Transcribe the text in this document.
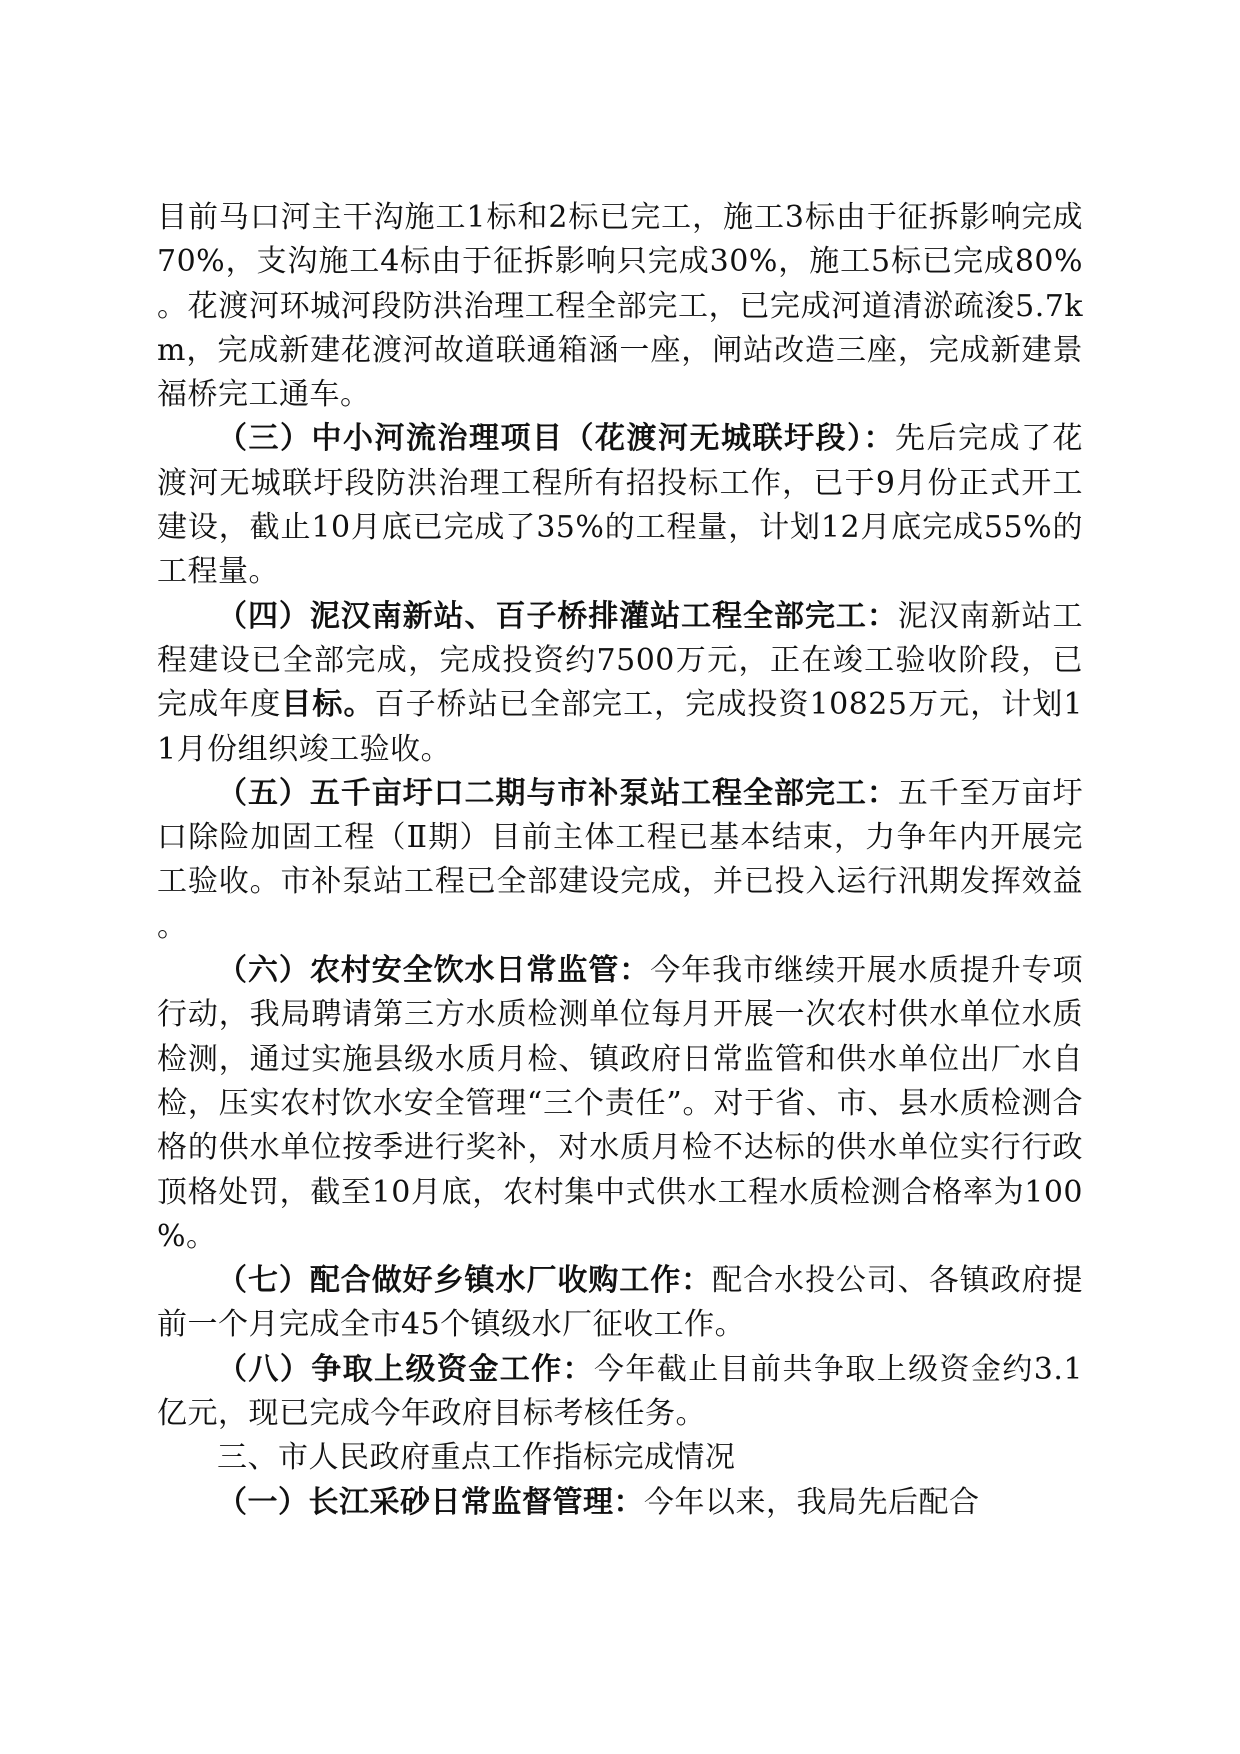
目前马口河主干沟施工1标和2标已完工，施工3标由于征拆影响完成70%，支沟施工4标由于征拆影响只完成30%，施工5标已完成80%。花渡河环城河段防洪治理工程全部完工，已完成河道清淤疏浚5.7km，完成新建花渡河故道联通箱涵一座，闸站改造三座，完成新建景福桥完工通车。

（三）中小河流治理项目（花渡河无城联圩段）：先后完成了花渡河无城联圩段防洪治理工程所有招投标工作，已于9月份正式开工建设，截止10月底已完成了35%的工程量，计划12月底完成55%的工程量。

（四）泥汉南新站、百子桥排灌站工程全部完工：泥汉南新站工程建设已全部完成，完成投资约7500万元，正在竣工验收阶段，已完成年度目标。百子桥站已全部完工，完成投资10825万元，计划11月份组织竣工验收。

（五）五千亩圩口二期与市补泵站工程全部完工：五千至万亩圩口除险加固工程（Ⅱ期）目前主体工程已基本结束，力争年内开展完工验收。市补泵站工程已全部建设完成，并已投入运行汛期发挥效益。

（六）农村安全饮水日常监管：今年我市继续开展水质提升专项行动，我局聘请第三方水质检测单位每月开展一次农村供水单位水质检测，通过实施县级水质月检、镇政府日常监管和供水单位出厂水自检，压实农村饮水安全管理“三个责任”。对于省、市、县水质检测合格的供水单位按季进行奖补，对水质月检不达标的供水单位实行行政顶格处罚，截至10月底，农村集中式供水工程水质检测合格率为100%。

（七）配合做好乡镇水厂收购工作：配合水投公司、各镇政府提前一个月完成全市45个镇级水厂征收工作。

（八）争取上级资金工作：今年截止目前共争取上级资金约3.1亿元，现已完成今年政府目标考核任务。

三、市人民政府重点工作指标完成情况

（一）长江采砂日常监督管理：今年以来，我局先后配合
